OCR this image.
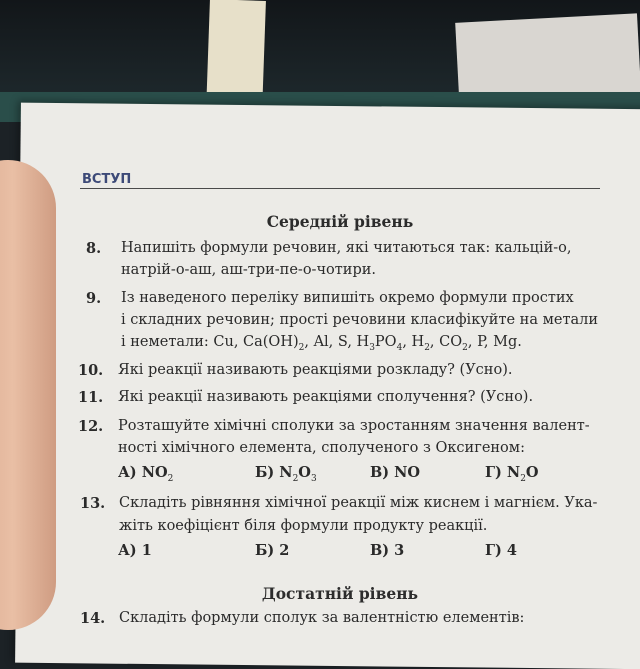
ВСТУП
Середній рівень
8. Напишіть формули речовин, які читаються так: кальцій-о,
натрій-о-аш, аш-три-пе-о-чотири.
9. Із наведеного переліку випишіть окремо формули простих
і складних речовин; прості речовини класифікуйте на метали
і неметали: Cu, $Ca(OH)_2$, Al, S, $H_3PO_4$, $H_2$, $CO_2$, P, Mg.
10. Які реакції називають реакціями розкладу? (Усно).
11. Які реакції називають реакціями сполучення? (Усно).
12. Розташуйте хімічні сполуки за зростанням значення валент-
ності хімічного елемента, сполученого з Оксигеном:
А) $NO_2$	Б) $N_2O_3$	В) NO	Г) $N_2O$
13. Складіть рівняння хімічної реакції між киснем і магнієм. Ука-
жіть коефіцієнт біля формули продукту реакції.
А) 1	Б) 2	В) 3	Г) 4
Достатній рівень
14. Складіть формули сполук за валентністю елементів:
